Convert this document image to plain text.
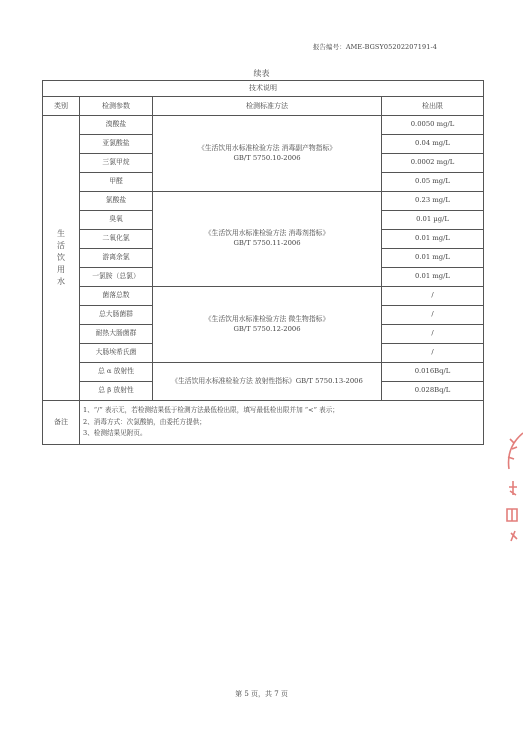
报告编号：AME-BGSY05202207191-4
续表
技术说明			
类别	检测参数	检测标准方法	检出限
生活饮用水	溴酸盐	《生活饮用水标准检验方法 消毒副产物指标》
GB/T 5750.10-2006	0.0050 mg/L
	亚氯酸盐		0.04 mg/L
	三氯甲烷		0.0002 mg/L
	甲醛		0.05 mg/L
	氯酸盐	《生活饮用水标准检验方法 消毒剂指标》
GB/T 5750.11-2006	0.23 mg/L
	臭氧		0.01 µg/L
	二氧化氯		0.01 mg/L
	游离余氯		0.01 mg/L
	一氯胺（总氯）		0.01 mg/L
	菌落总数	《生活饮用水标准检验方法 微生物指标》
GB/T 5750.12-2006	/
	总大肠菌群		/
	耐热大肠菌群		/
	大肠埃希氏菌		/
	总 α 放射性	《生活饮用水标准检验方法 放射性指标》GB/T 5750.13-2006	0.016Bq/L
	总 β 放射性		0.028Bq/L
备注	1、“/” 表示无，若检测结果低于检测方法最低检出限，填写最低检出限并加 “<” 表示；
2、消毒方式：次氯酸钠，由委托方提供；
3、检测结果见附页。		
第 5 页，共 7 页
